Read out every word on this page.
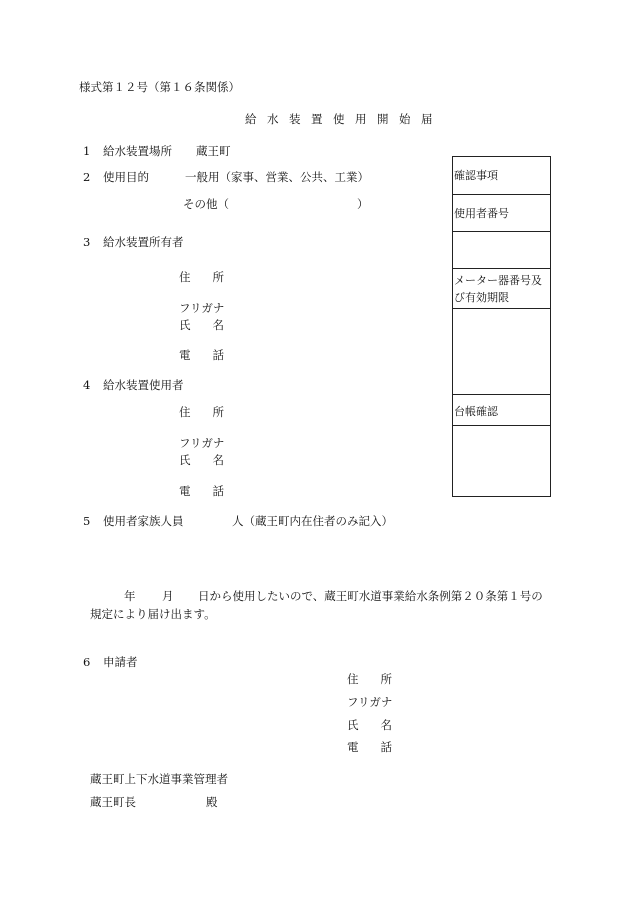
様式第１２号（第１６条関係）
給水装置使用開始届
1 給水装置場所 蔵王町
2 使用目的	一般用（家事、営業、公共、工業）
その他（	）
3 給水装置所有者
住所
フリガナ
氏名
電話
4 給水装置使用者
住所
フリガナ
氏名
電話
5 使用者家族人員	人（蔵王町内在住者のみ記入）
年 月 日から使用したいので、蔵王町水道事業給水条例第２０条第１号の
規定により届け出ます。
6 申請者
住所
フリガナ
氏名
電話
蔵王町上下水道事業管理者
蔵王町長	殿
確認事項
使用者番号
メーター器番号及び有効期限
台帳確認
